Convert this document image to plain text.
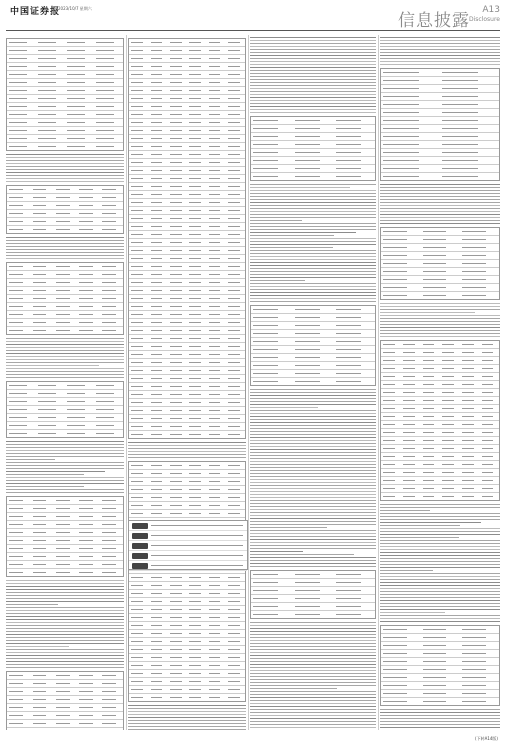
中国证券报
2023/10/7 星期六
信息披露
A13
Disclosure
(下转A14版)
